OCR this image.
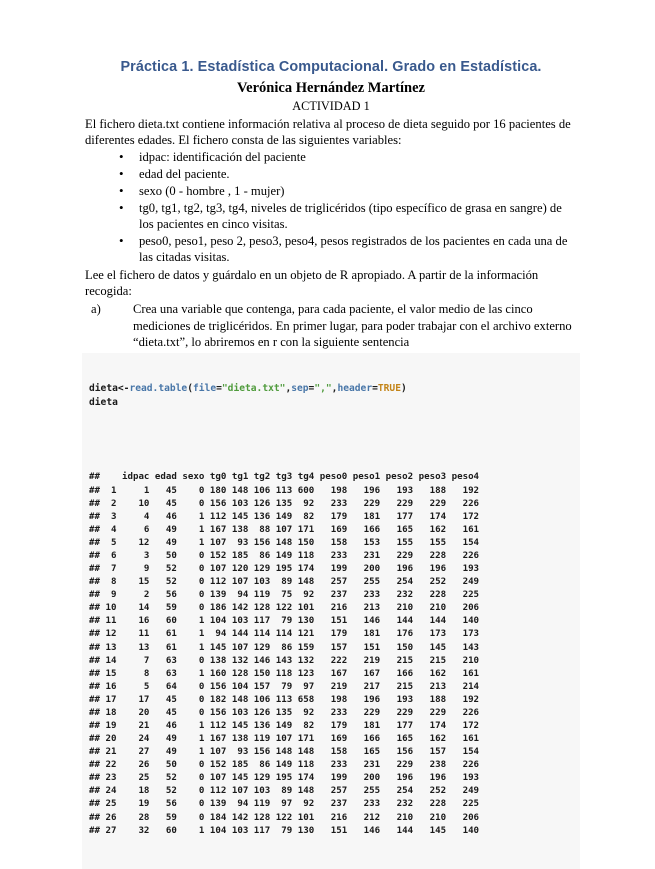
Práctica 1. Estadística Computacional. Grado en Estadística.
Verónica Hernández Martínez
ACTIVIDAD 1

El fichero dieta.txt contiene información relativa al proceso de dieta seguido por 16 pacientes de diferentes edades. El fichero consta de las siguientes variables:

• idpac: identificación del paciente
• edad del paciente.
• sexo (0 - hombre , 1 - mujer)
• tg0, tg1, tg2, tg3, tg4, niveles de triglicéridos (tipo específico de grasa en sangre) de los pacientes en cinco visitas.
• peso0, peso1, peso 2, peso3, peso4, pesos registrados de los pacientes en cada una de las citadas visitas.

Lee el fichero de datos y guárdalo en un objeto de R apropiado. A partir de la información recogida:

a)	Crea una variable que contenga, para cada paciente, el valor medio de las cinco mediciones de triglicéridos. En primer lugar, para poder trabajar con el archivo externo “dieta.txt”, lo abriremos en r con la siguiente sentencia

dieta<-read.table(file="dieta.txt",sep=",",header=TRUE)
dieta

##    idpac edad sexo tg0 tg1 tg2 tg3 tg4 peso0 peso1 peso2 peso3 peso4
##  1     1   45    0 180 148 106 113 600   198   196   193   188   192
##  2    10   45    0 156 103 126 135  92   233   229   229   229   226
##  3     4   46    1 112 145 136 149  82   179   181   177   174   172
##  4     6   49    1 167 138  88 107 171   169   166   165   162   161
##  5    12   49    1 107  93 156 148 150   158   153   155   155   154
##  6     3   50    0 152 185  86 149 118   233   231   229   228   226
##  7     9   52    0 107 120 129 195 174   199   200   196   196   193
##  8    15   52    0 112 107 103  89 148   257   255   254   252   249
##  9     2   56    0 139  94 119  75  92   237   233   232   228   225
## 10    14   59    0 186 142 128 122 101   216   213   210   210   206
## 11    16   60    1 104 103 117  79 130   151   146   144   144   140
## 12    11   61    1  94 144 114 114 121   179   181   176   173   173
## 13    13   61    1 145 107 129  86 159   157   151   150   145   143
## 14     7   63    0 138 132 146 143 132   222   219   215   215   210
## 15     8   63    1 160 128 150 118 123   167   167   166   162   161
## 16     5   64    0 156 104 157  79  97   219   217   215   213   214
## 17    17   45    0 182 148 106 113 658   198   196   193   188   192
## 18    20   45    0 156 103 126 135  92   233   229   229   229   226
## 19    21   46    1 112 145 136 149  82   179   181   177   174   172
## 20    24   49    1 167 138 119 107 171   169   166   165   162   161
## 21    27   49    1 107  93 156 148 148   158   165   156   157   154
## 22    26   50    0 152 185  86 149 118   233   231   229   238   226
## 23    25   52    0 107 145 129 195 174   199   200   196   196   193
## 24    18   52    0 112 107 103  89 148   257   255   254   252   249
## 25    19   56    0 139  94 119  97  92   237   233   232   228   225
## 26    28   59    0 184 142 128 122 101   216   212   210   210   206
## 27    32   60    1 104 103 117  79 130   151   146   144   145   140
